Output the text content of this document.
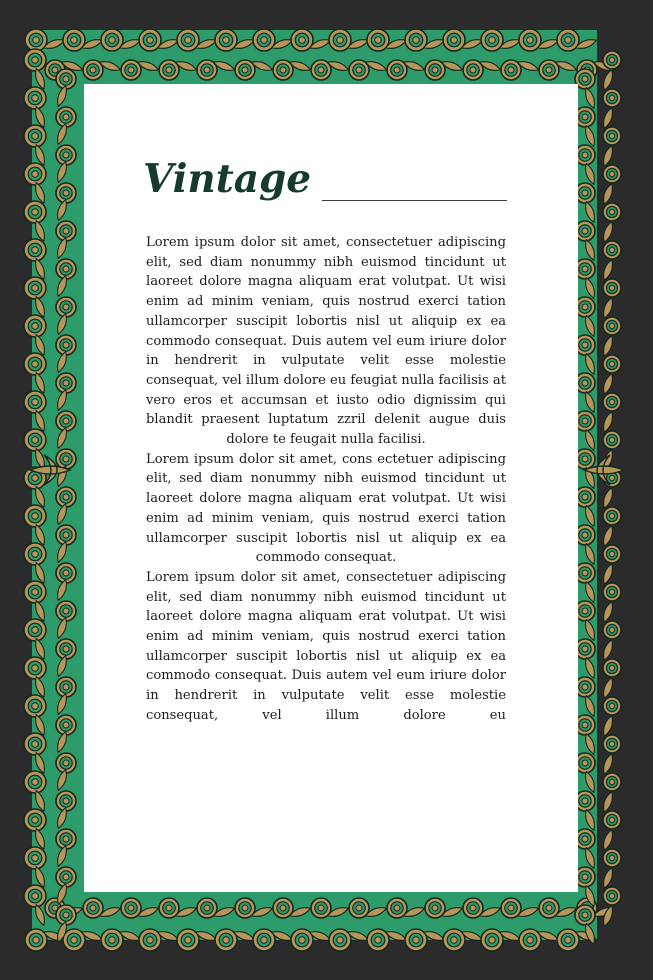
Vintage

Lorem ipsum dolor sit amet, consectetuer adipiscing elit, sed diam nonummy nibh euismod tincidunt ut laoreet dolore magna aliquam erat volutpat. Ut wisi enim ad minim veniam, quis nostrud exerci tation ullamcorper suscipit lobortis nisl ut aliquip ex ea commodo consequat. Duis autem vel eum iriure dolor in hendrerit in vulputate velit esse molestie consequat, vel illum dolore eu feugiat nulla facilisis at vero eros et accumsan et iusto odio dignissim qui blandit praesent luptatum zzril delenit augue duis dolore te feugait nulla facilisi.

Lorem ipsum dolor sit amet, cons ectetuer adipiscing elit, sed diam nonummy nibh euismod tincidunt ut laoreet dolore magna aliquam erat volutpat. Ut wisi enim ad minim veniam, quis nostrud exerci tation ullamcorper suscipit lobortis nisl ut aliquip ex ea commodo consequat.

Lorem ipsum dolor sit amet, consectetuer adipiscing elit, sed diam nonummy nibh euismod tincidunt ut laoreet dolore magna aliquam erat volutpat. Ut wisi enim ad minim veniam, quis nostrud exerci tation ullamcorper suscipit lobortis nisl ut aliquip ex ea commodo consequat. Duis autem vel eum iriure dolor in hendrerit in vulputate velit esse molestie consequat, vel illum dolore eu
